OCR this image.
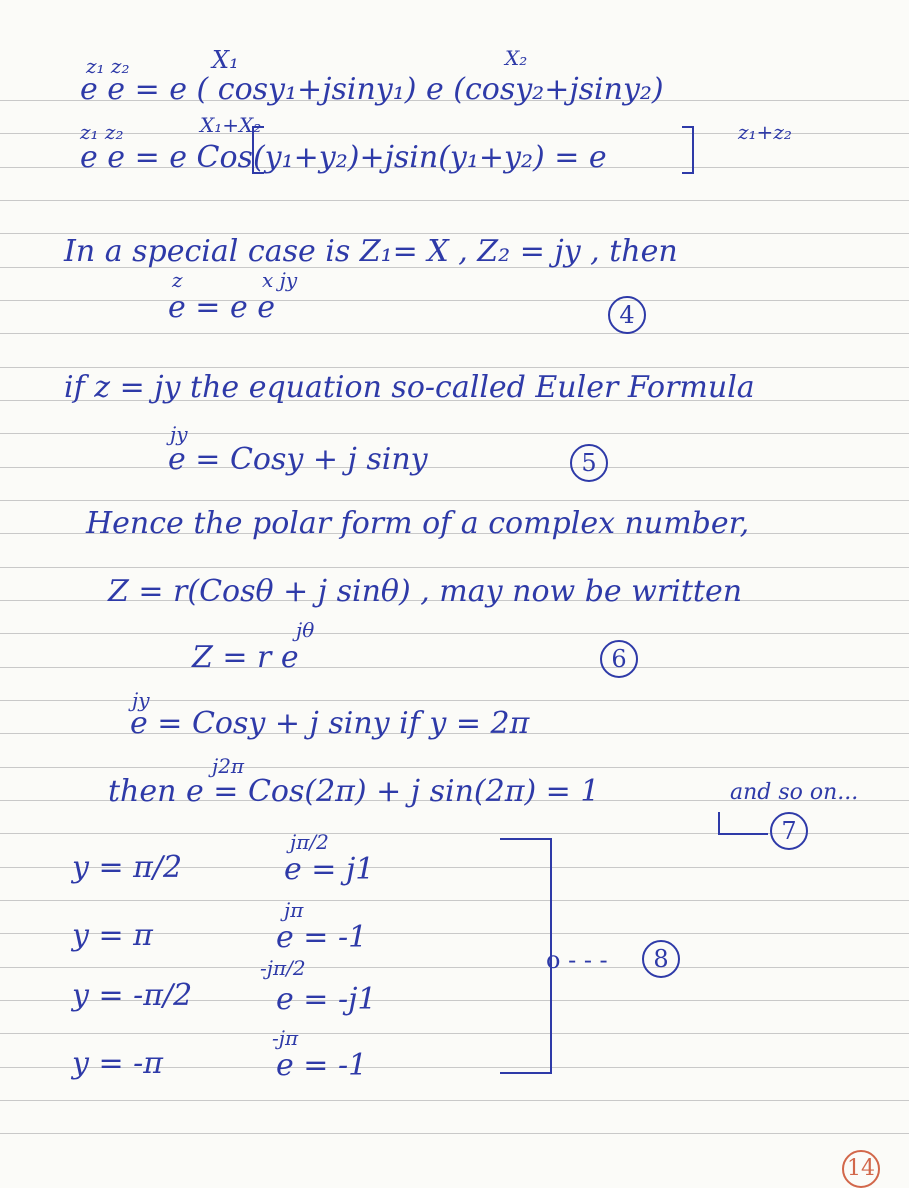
z₁ z₂	X₁	X₂
e e = e ( cosy₁+jsiny₁) e (cosy₂+jsiny₂)
z₁ z₂	X₁+X₂	z₁+z₂
e e = e Cos(y₁+y₂)+jsin(y₁+y₂) = e
In a special case is Z₁= X , Z₂ = jy , then
z	x jy
e = e e	4
if z = jy the equation so-called Euler Formula
jy
e = Cosy + j siny	5
Hence the polar form of a complex number,
Z = r(Cosθ + j sinθ) , may now be written
jθ
Z = r e	6
jy
e = Cosy + j siny if y = 2π
j2π
then e = Cos(2π) + j sin(2π) = 1	and so on...
7
y = π/2
jπ/2
e = j1
y = π
jπ
e = -1
y = -π/2
-jπ/2
e = -j1
y = -π
-jπ
e = -1
o - - -	8
14
